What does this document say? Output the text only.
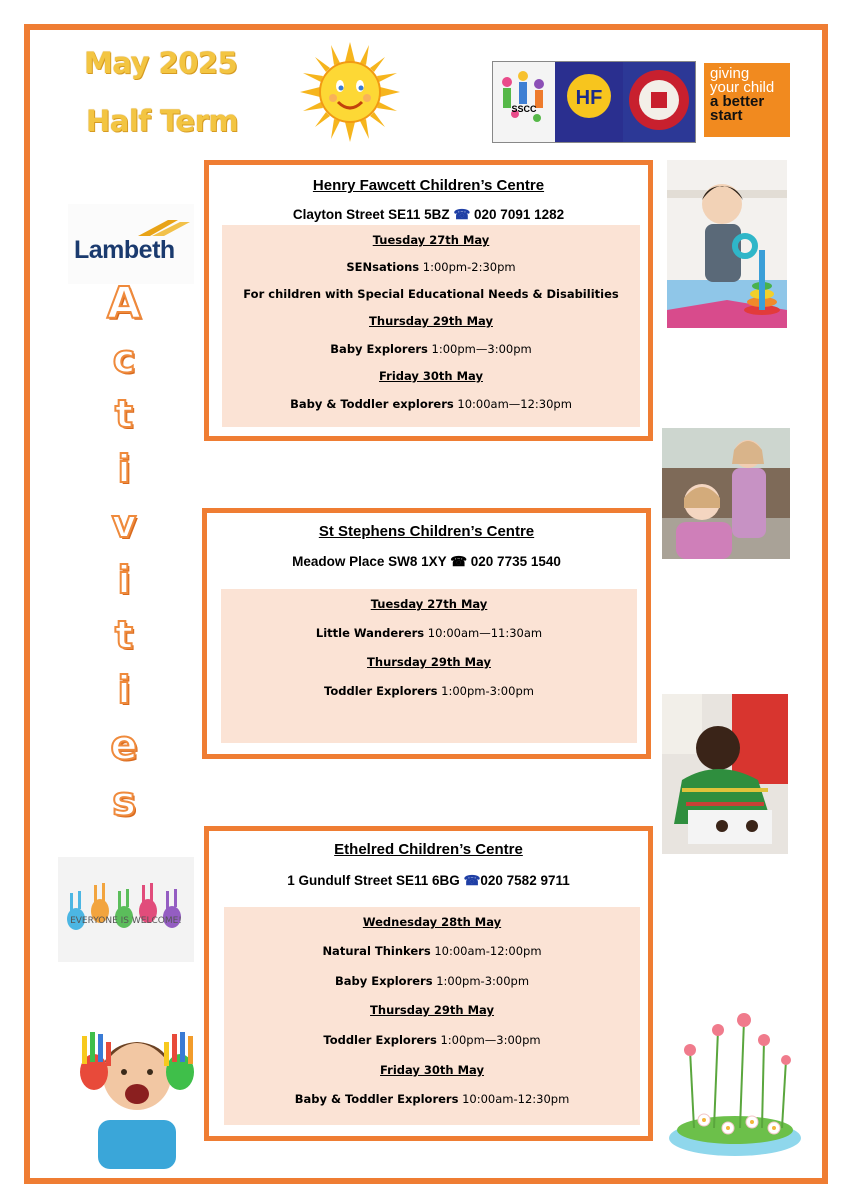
May 2025
Half Term	SSCC HF
giving
your child
a better
start
Lambeth
A
c
t
i
v
i
t
i
e
s
Henry Fawcett Children’s Centre
Clayton Street SE11 5BZ ☎ 020 7091 1282
Tuesday 27th May
SENsations 1:00pm-2:30pm
For children with Special Educational Needs & Disabilities
Thursday 29th May
Baby Explorers 1:00pm—3:00pm
Friday 30th May
Baby & Toddler explorers 10:00am—12:30pm
St Stephens Children’s Centre
Meadow Place SW8 1XY ☎ 020 7735 1540
Tuesday 27th May
Little Wanderers 10:00am—11:30am
Thursday 29th May
Toddler Explorers 1:00pm-3:00pm
Ethelred Children’s Centre
1 Gundulf Street SE11 6BG ☎020 7582 9711
Wednesday 28th May
Natural Thinkers 10:00am-12:00pm
Baby Explorers 1:00pm-3:00pm
Thursday 29th May
Toddler Explorers 1:00pm—3:00pm
Friday 30th May
Baby & Toddler Explorers 10:00am-12:30pm
EVERYONE IS WELCOME!
